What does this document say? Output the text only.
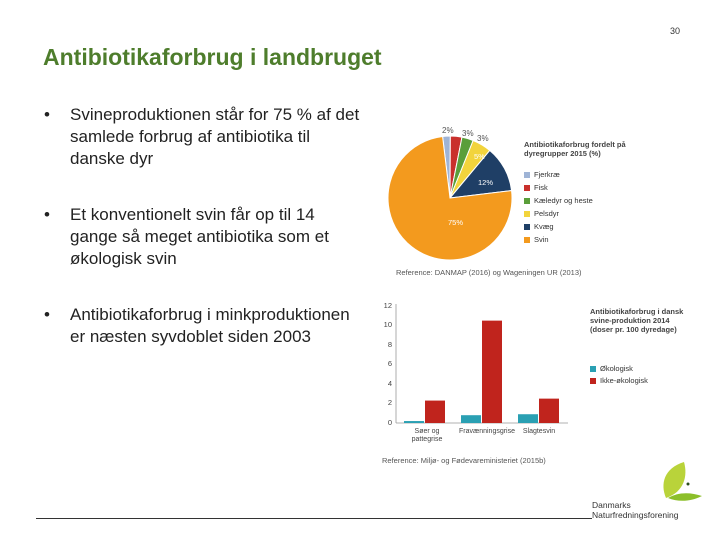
30
Antibiotikaforbrug i landbruget
• Svineproduktionen står for 75 % af det samlede forbrug af antibiotika til danske dyr
• Et konventionelt svin får op til 14 gange så meget antibiotika som et økologisk svin
• Antibiotikaforbrug i minkproduktionen er næsten syvdoblet siden 2003
2% 3%
3%
5%
12%
75%
Antibiotikaforbrug fordelt på dyregrupper 2015 (%)
Fjerkræ
Fisk
Kæledyr og heste
Pelsdyr
Kvæg
Svin
Reference: DANMAP (2016) og Wageningen UR (2013)
12
10
8
6
4
2
0
Søer og pattegrise
Fravænningsgrise	Slagtesvin
Antibiotikaforbrug i dansk svine-produktion 2014 (doser pr. 100 dyredage)
Økologisk
Ikke-økologisk
Reference: Miljø- og Fødevareministeriet (2015b)
Danmarks
Naturfredningsforening
